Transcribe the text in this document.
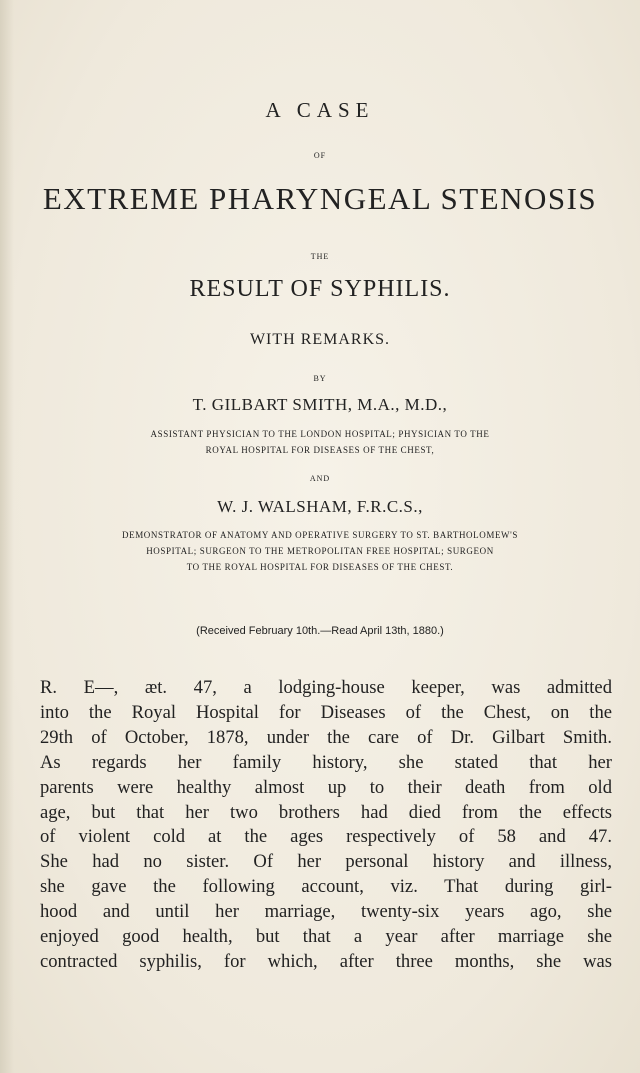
A CASE
OF
EXTREME PHARYNGEAL STENOSIS
THE
RESULT OF SYPHILIS.
WITH REMARKS.
BY
T. GILBART SMITH, M.A., M.D.,
ASSISTANT PHYSICIAN TO THE LONDON HOSPITAL; PHYSICIAN TO THE
ROYAL HOSPITAL FOR DISEASES OF THE CHEST,
AND
W. J. WALSHAM, F.R.C.S.,
DEMONSTRATOR OF ANATOMY AND OPERATIVE SURGERY TO ST. BARTHOLOMEW'S
HOSPITAL; SURGEON TO THE METROPOLITAN FREE HOSPITAL; SURGEON
TO THE ROYAL HOSPITAL FOR DISEASES OF THE CHEST.
(Received February 10th.—Read April 13th, 1880.)
R. E—, æt. 47, a lodging-house keeper, was admitted
into the Royal Hospital for Diseases of the Chest, on the
29th of October, 1878, under the care of Dr. Gilbart Smith.
As regards her family history, she stated that her
parents were healthy almost up to their death from old
age, but that her two brothers had died from the effects
of violent cold at the ages respectively of 58 and 47.
She had no sister. Of her personal history and illness,
she gave the following account, viz. That during girl-
hood and until her marriage, twenty-six years ago, she
enjoyed good health, but that a year after marriage she
contracted syphilis, for which, after three months, she was
